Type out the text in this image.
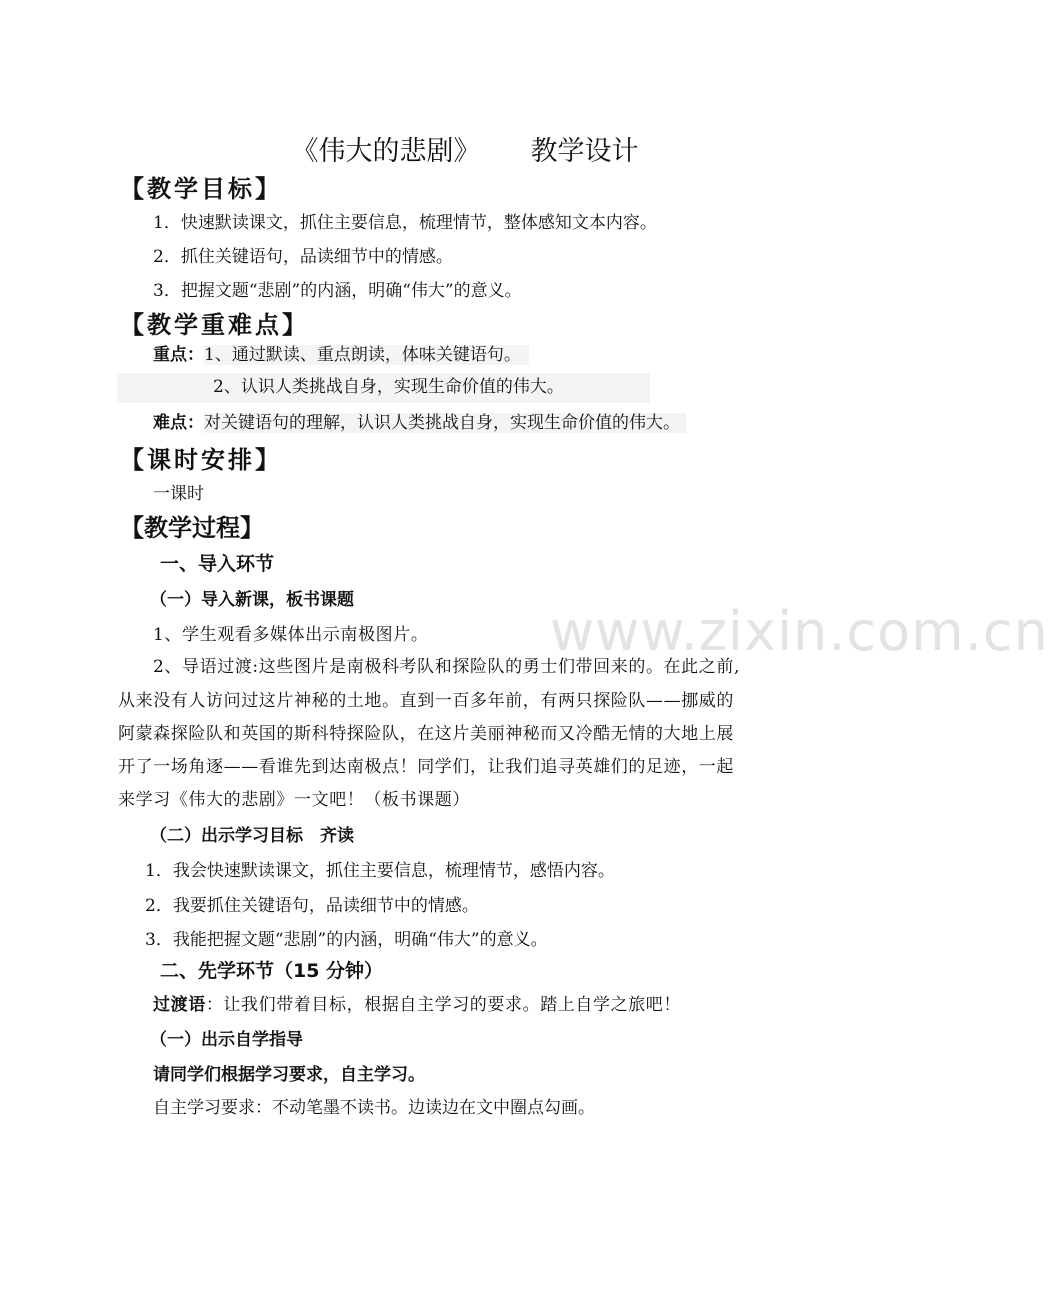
www.zixin.com.cn
《伟大的悲剧》 教学设计
【教学目标】
1．快速默读课文，抓住主要信息，梳理情节，整体感知文本内容。
2．抓住关键语句，品读细节中的情感。
3．把握文题“悲剧”的内涵，明确“伟大”的意义。
【教学重难点】
重点：1、通过默读、重点朗读，体味关键语句。
2、认识人类挑战自身，实现生命价值的伟大。
难点：对关键语句的理解，认识人类挑战自身，实现生命价值的伟大。
【课时安排】
一课时
【教学过程】
一、导入环节
（一）导入新课，板书课题
1、学生观看多媒体出示南极图片。
2、导语过渡:这些图片是南极科考队和探险队的勇士们带回来的。在此之前,
从来没有人访问过这片神秘的土地。直到一百多年前，有两只探险队——挪威的
阿蒙森探险队和英国的斯科特探险队，在这片美丽神秘而又冷酷无情的大地上展
开了一场角逐——看谁先到达南极点！同学们，让我们追寻英雄们的足迹，一起
来学习《伟大的悲剧》一文吧！（板书课题）
（二）出示学习目标　齐读
1．我会快速默读课文，抓住主要信息，梳理情节，感悟内容。
2．我要抓住关键语句，品读细节中的情感。
3．我能把握文题“悲剧”的内涵，明确“伟大”的意义。
二、先学环节（15 分钟）
过渡语：让我们带着目标，根据自主学习的要求。踏上自学之旅吧！
（一）出示自学指导
请同学们根据学习要求，自主学习。
自主学习要求：不动笔墨不读书。边读边在文中圈点勾画。
